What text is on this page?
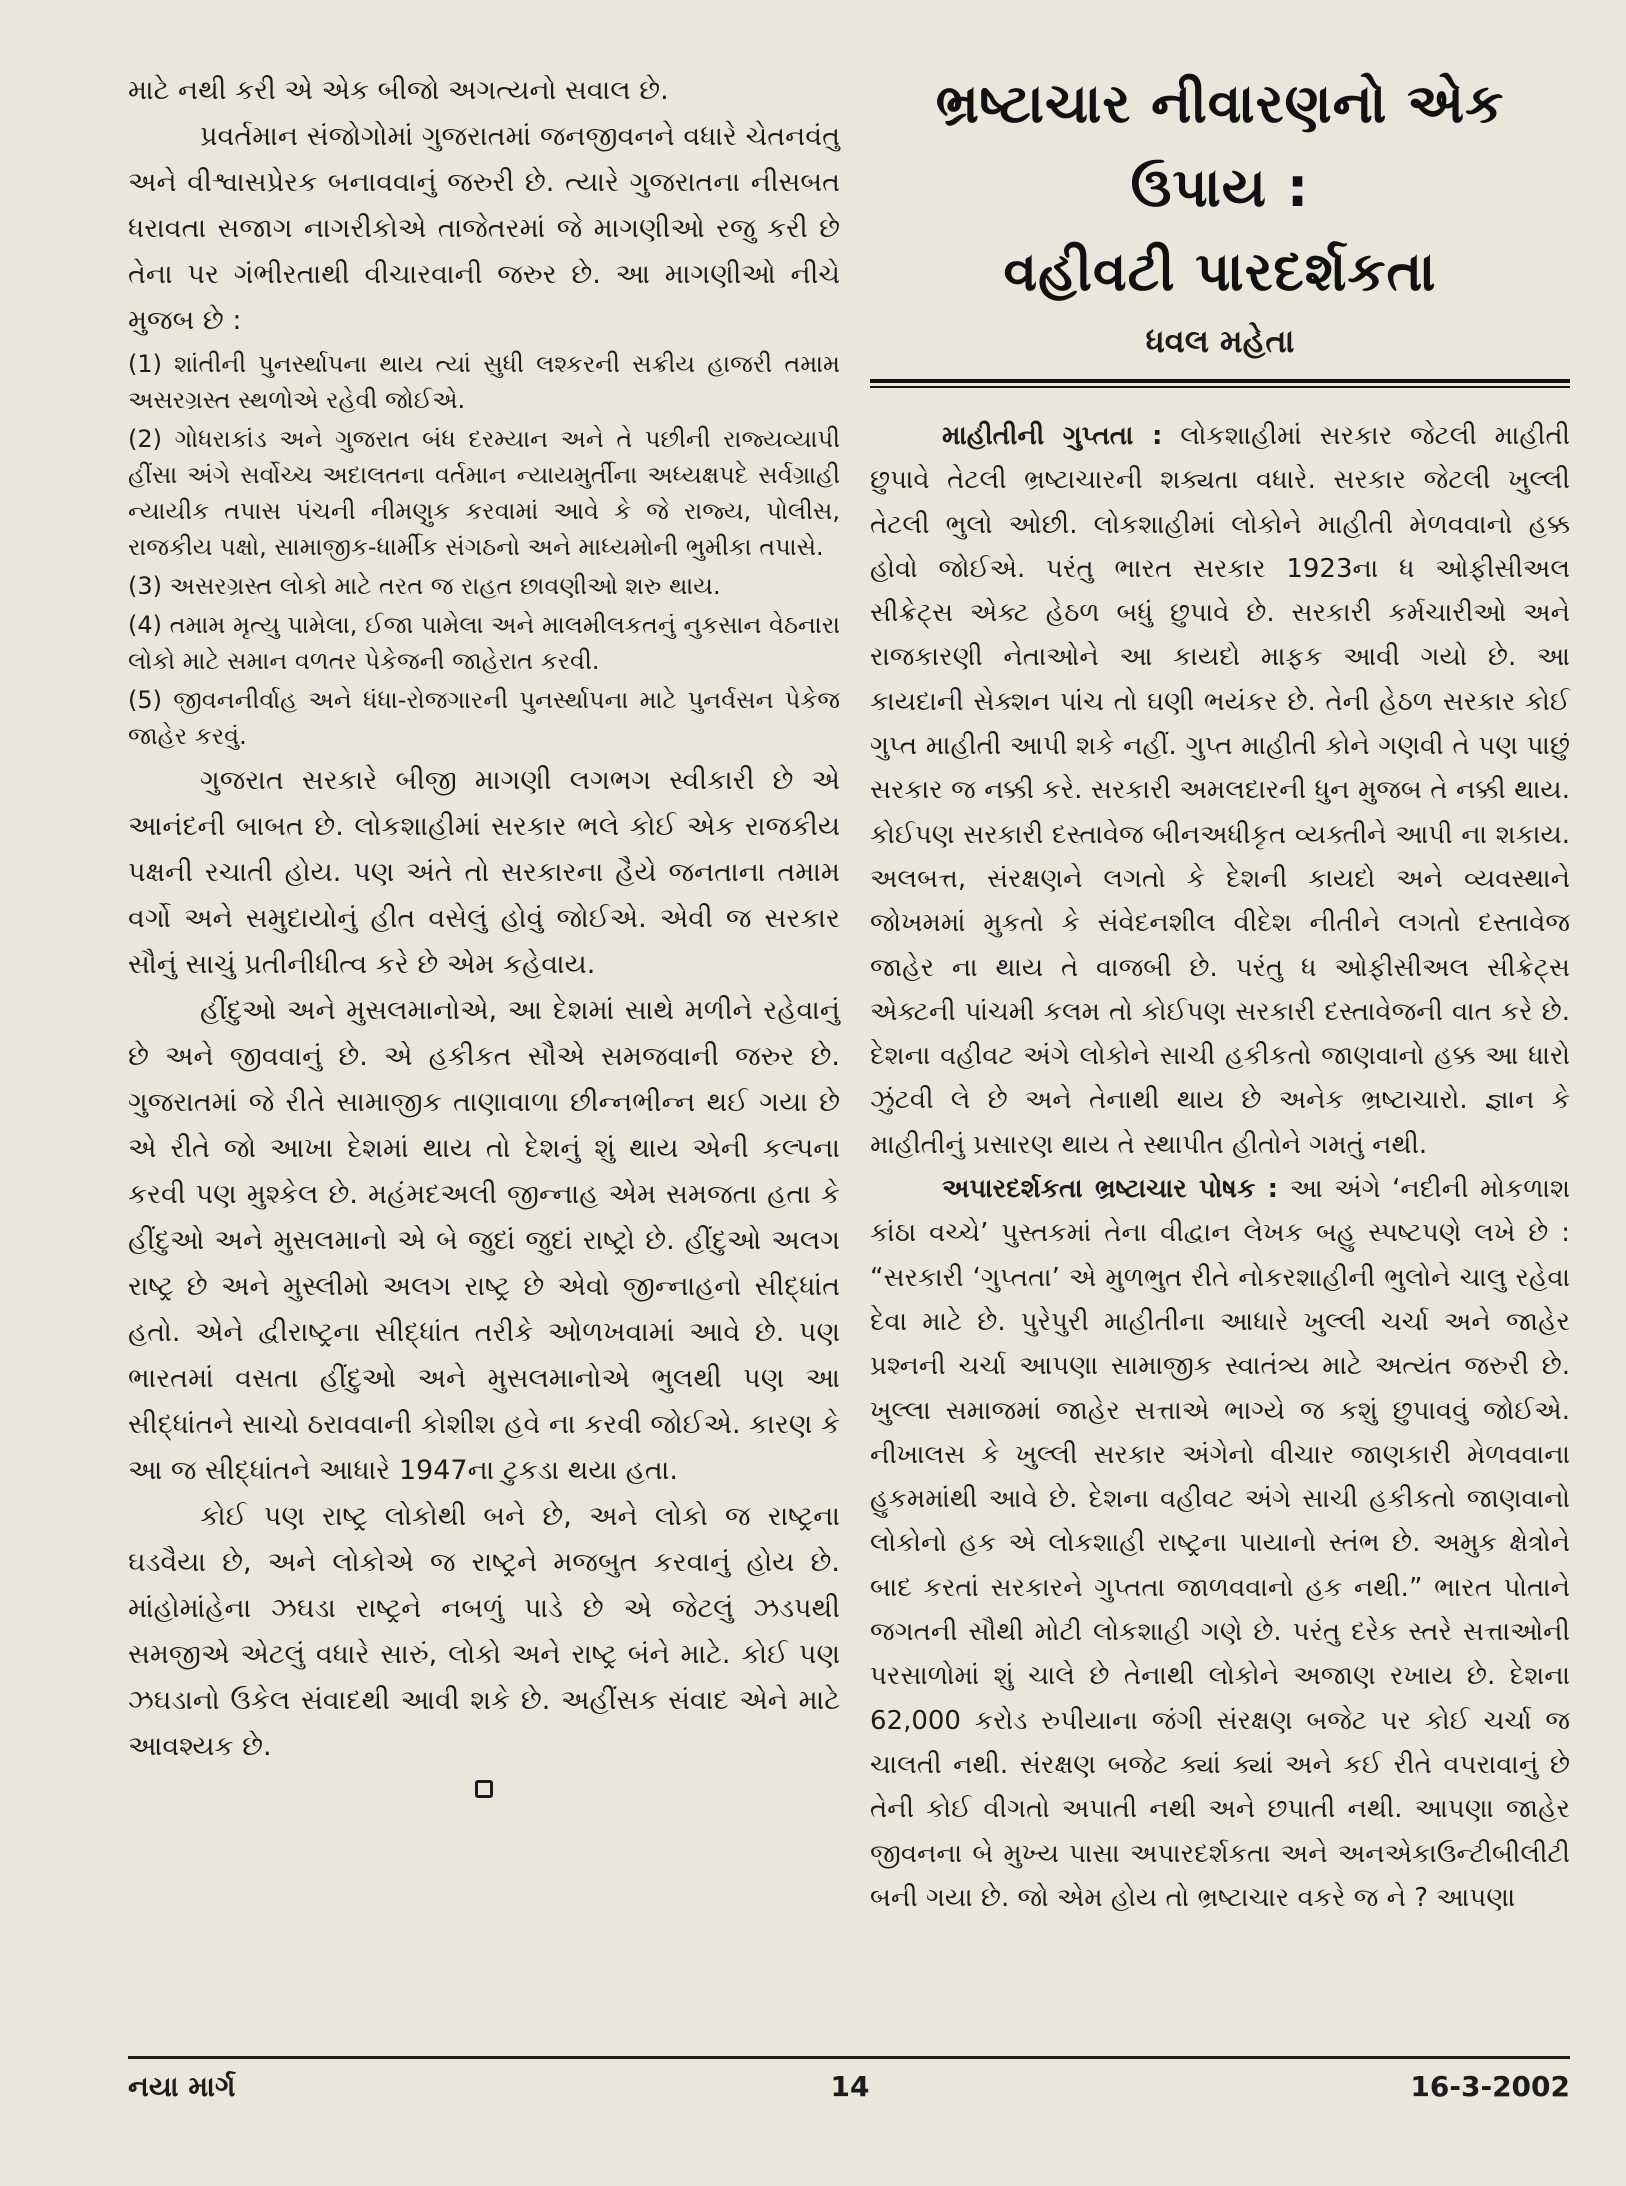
માટે નથી કરી એ એક બીજો અગત્યનો સવાલ છે.

પ્રવર્તમાન સંજોગોમાં ગુજરાતમાં જનજીવનને વધારે ચેતનવંતુ અને વીશ્વાસપ્રેરક બનાવવાનું જરુરી છે. ત્યારે ગુજરાતના નીસબત ધરાવતા સજાગ નાગરીકોએ તાજેતરમાં જે માગણીઓ રજુ કરી છે તેના પર ગંભીરતાથી વીચારવાની જરુર છે. આ માગણીઓ નીચે મુજબ છે :

(1) શાંતીની પુનર્સ્થાપના થાય ત્યાં સુધી લશ્કરની સક્રીય હાજરી તમામ અસરગ્રસ્ત સ્થળોએ રહેવી જોઈએ.
(2) ગોધરાકાંડ અને ગુજરાત બંધ દરમ્યાન અને તે પછીની રાજ્યવ્યાપી હીંસા અંગે સર્વોચ્ચ અદાલતના વર્તમાન ન્યાયમુર્તીના અધ્યક્ષપદે સર્વગ્રાહી ન્યાયીક તપાસ પંચની નીમણુક કરવામાં આવે કે જે રાજ્ય, પોલીસ, રાજકીય પક્ષો, સામાજીક-ધાર્મીક સંગઠનો અને માધ્યમોની ભુમીકા તપાસે.
(3) અસરગ્રસ્ત લોકો માટે તરત જ રાહત છાવણીઓ શરુ થાય.
(4) તમામ મૃત્યુ પામેલા, ઈજા પામેલા અને માલમીલકતનું નુકસાન વેઠનારા લોકો માટે સમાન વળતર પેકેજની જાહેરાત કરવી.
(5) જીવનનીર્વાહ અને ધંધા-રોજગારની પુનર્સ્થાપના માટે પુનર્વસન પેકેજ જાહેર કરવું.

ગુજરાત સરકારે બીજી માગણી લગભગ સ્વીકારી છે એ આનંદની બાબત છે. લોકશાહીમાં સરકાર ભલે કોઈ એક રાજકીય પક્ષની રચાતી હોય. પણ અંતે તો સરકારના હૈયે જનતાના તમામ વર્ગો અને સમુદાયોનું હીત વસેલું હોવું જોઈએ. એવી જ સરકાર સૌનું સાચું પ્રતીનીધીત્વ કરે છે એમ કહેવાય.

હીંદુઓ અને મુસલમાનોએ, આ દેશમાં સાથે મળીને રહેવાનું છે અને જીવવાનું છે. એ હકીકત સૌએ સમજવાની જરુર છે. ગુજરાતમાં જે રીતે સામાજીક તાણાવાળા છીન્નભીન્ન થઈ ગયા છે એ રીતે જો આખા દેશમાં થાય તો દેશનું શું થાય એની કલ્પના કરવી પણ મુશ્કેલ છે. મહંમદઅલી જીન્નાહ એમ સમજતા હતા કે હીંદુઓ અને મુસલમાનો એ બે જુદાં જુદાં રાષ્ટ્રો છે. હીંદુઓ અલગ રાષ્ટ્ર છે અને મુસ્લીમો અલગ રાષ્ટ્ર છે એવો જીન્નાહનો સીદ્ધાંત હતો. એને દ્વીરાષ્ટ્રના સીદ્ધાંત તરીકે ઓળખવામાં આવે છે. પણ ભારતમાં વસતા હીંદુઓ અને મુસલમાનોએ ભુલથી પણ આ સીદ્ધાંતને સાચો ઠરાવવાની કોશીશ હવે ના કરવી જોઈએ. કારણ કે આ જ સીદ્ધાંતને આધારે 1947ના ટુકડા થયા હતા.

કોઈ પણ રાષ્ટ્ર લોકોથી બને છે, અને લોકો જ રાષ્ટ્રના ઘડવૈયા છે, અને લોકોએ જ રાષ્ટ્રને મજબુત કરવાનું હોય છે. માંહોમાંહેના ઝઘડા રાષ્ટ્રને નબળું પાડે છે એ જેટલું ઝડપથી સમજીએ એટલું વધારે સારું, લોકો અને રાષ્ટ્ર બંને માટે. કોઈ પણ ઝઘડાનો ઉકેલ સંવાદથી આવી શકે છે. અહીંસક સંવાદ એને માટે આવશ્યક છે.

ભ્રષ્ટાચાર નીવારણનો એક ઉપાય :
વહીવટી પારદર્શકતા
ધવલ મહેતા

માહીતીની ગુપ્તતા : લોકશાહીમાં સરકાર જેટલી માહીતી છુપાવે તેટલી ભ્રષ્ટાચારની શક્યતા વધારે. સરકાર જેટલી ખુલ્લી તેટલી ભુલો ઓછી. લોકશાહીમાં લોકોને માહીતી મેળવવાનો હક્ક હોવો જોઈએ. પરંતુ ભારત સરકાર 1923ના ધ ઓફીસીઅલ સીક્રેટ્સ એક્ટ હેઠળ બધું છુપાવે છે. સરકારી કર્મચારીઓ અને રાજકારણી નેતાઓને આ કાયદો માફક આવી ગયો છે. આ કાયદાની સેક્શન પાંચ તો ઘણી ભયંકર છે. તેની હેઠળ સરકાર કોઈ ગુપ્ત માહીતી આપી શકે નહીં. ગુપ્ત માહીતી કોને ગણવી તે પણ પાછું સરકાર જ નક્કી કરે. સરકારી અમલદારની ધુન મુજબ તે નક્કી થાય. કોઈપણ સરકારી દસ્તાવેજ બીનઅધીકૃત વ્યક્તીને આપી ના શકાય. અલબત્ત, સંરક્ષણને લગતો કે દેશની કાયદો અને વ્યવસ્થાને જોખમમાં મુકતો કે સંવેદનશીલ વીદેશ નીતીને લગતો દસ્તાવેજ જાહેર ના થાય તે વાજબી છે. પરંતુ ધ ઓફીસીઅલ સીક્રેટ્સ એક્ટની પાંચમી કલમ તો કોઈપણ સરકારી દસ્તાવેજની વાત કરે છે. દેશના વહીવટ અંગે લોકોને સાચી હકીકતો જાણવાનો હક્ક આ ધારો ઝુંટવી લે છે અને તેનાથી થાય છે અનેક ભ્રષ્ટાચારો. જ્ઞાન કે માહીતીનું પ્રસારણ થાય તે સ્થાપીત હીતોને ગમતું નથી.

અપારદર્શકતા ભ્રષ્ટાચાર પોષક : આ અંગે ‘નદીની મોકળાશ કાંઠા વચ્ચે’ પુસ્તકમાં તેના વીદ્વાન લેખક બહુ સ્પષ્ટપણે લખે છે : “સરકારી ‘ગુપ્તતા’ એ મુળભુત રીતે નોકરશાહીની ભુલોને ચાલુ રહેવા દેવા માટે છે. પુરેપુરી માહીતીના આધારે ખુલ્લી ચર્ચા અને જાહેર પ્રશ્નની ચર્ચા આપણા સામાજીક સ્વાતંત્ર્ય માટે અત્યંત જરુરી છે. ખુલ્લા સમાજમાં જાહેર સત્તાએ ભાગ્યે જ કશું છુપાવવું જોઈએ. નીખાલસ કે ખુલ્લી સરકાર અંગેનો વીચાર જાણકારી મેળવવાના હુકમમાંથી આવે છે. દેશના વહીવટ અંગે સાચી હકીકતો જાણવાનો લોકોનો હક એ લોકશાહી રાષ્ટ્રના પાયાનો સ્તંભ છે. અમુક ક્ષેત્રોને બાદ કરતાં સરકારને ગુપ્તતા જાળવવાનો હક નથી.” ભારત પોતાને જગતની સૌથી મોટી લોકશાહી ગણે છે. પરંતુ દરેક સ્તરે સત્તાઓની પરસાળોમાં શું ચાલે છે તેનાથી લોકોને અજાણ રખાય છે. દેશના 62,000 કરોડ રુપીયાના જંગી સંરક્ષણ બજેટ પર કોઈ ચર્ચા જ ચાલતી નથી. સંરક્ષણ બજેટ ક્યાં ક્યાં અને કઈ રીતે વપરાવાનું છે તેની કોઈ વીગતો અપાતી નથી અને છપાતી નથી. આપણા જાહેર જીવનના બે મુખ્ય પાસા અપારદર્શકતા અને અનએકાઉન્ટીબીલીટી બની ગયા છે. જો એમ હોય તો ભ્રષ્ટાચાર વકરે જ ને ? આપણા

નયા માર્ગ	14	16-3-2002
